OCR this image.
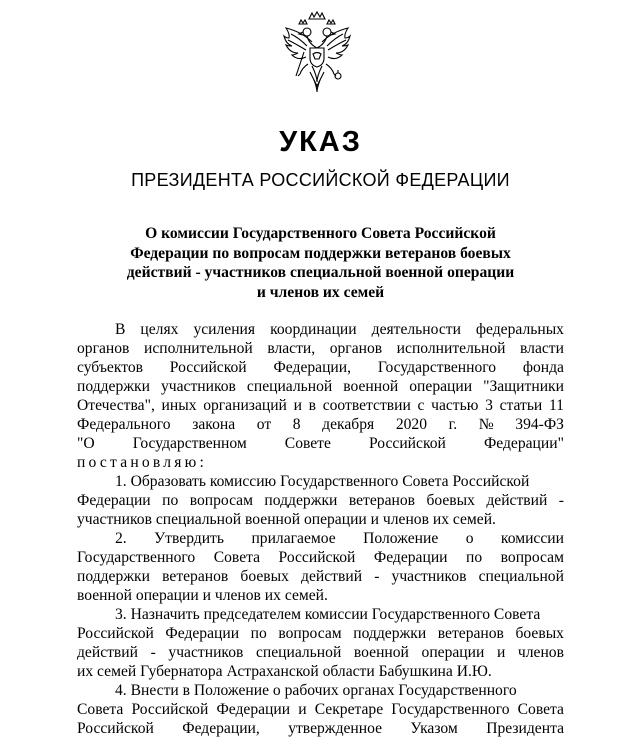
УКАЗ
ПРЕЗИДЕНТА РОССИЙСКОЙ ФЕДЕРАЦИИ
О комиссии Государственного Совета Российской
Федерации по вопросам поддержки ветеранов боевых
действий - участников специальной военной операции
и членов их семей
В целях усиления координации деятельности федеральных
органов исполнительной власти, органов исполнительной власти
субъектов Российской Федерации, Государственного фонда
поддержки участников специальной военной операции "Защитники
Отечества", иных организаций и в соответствии с частью 3 статьи 11
Федерального закона от 8 декабря 2020 г. № 394-ФЗ
"О Государственном Совете Российской Федерации"
постановляю:
1. Образовать комиссию Государственного Совета Российской
Федерации по вопросам поддержки ветеранов боевых действий -
участников специальной военной операции и членов их семей.
2. Утвердить прилагаемое Положение о комиссии
Государственного Совета Российской Федерации по вопросам
поддержки ветеранов боевых действий - участников специальной
военной операции и членов их семей.
3. Назначить председателем комиссии Государственного Совета
Российской Федерации по вопросам поддержки ветеранов боевых
действий - участников специальной военной операции и членов
их семей Губернатора Астраханской области Бабушкина И.Ю.
4. Внести в Положение о рабочих органах Государственного
Совета Российской Федерации и Секретаре Государственного Совета
Российской Федерации, утвержденное Указом Президента
